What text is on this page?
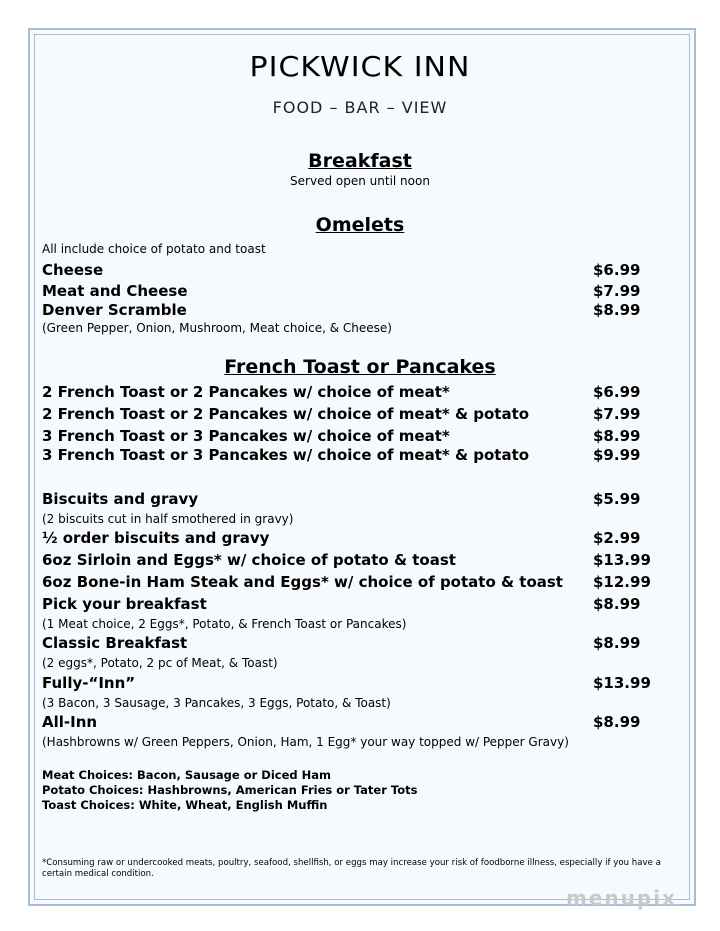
PICKWICK INN
FOOD – BAR – VIEW
Breakfast
Served open until noon
Omelets
All include choice of potato and toast
Cheese	$6.99
Meat and Cheese	$7.99
Denver Scramble	$8.99
(Green Pepper, Onion, Mushroom, Meat choice, & Cheese)
French Toast or Pancakes
2 French Toast or 2 Pancakes w/ choice of meat*	$6.99
2 French Toast or 2 Pancakes w/ choice of meat* & potato	$7.99
3 French Toast or 3 Pancakes w/ choice of meat*	$8.99
3 French Toast or 3 Pancakes w/ choice of meat* & potato	$9.99
Biscuits and gravy	$5.99
(2 biscuits cut in half smothered in gravy)
½ order biscuits and gravy	$2.99
6oz Sirloin and Eggs* w/ choice of potato & toast	$13.99
6oz Bone-in Ham Steak and Eggs* w/ choice of potato & toast $12.99
Pick your breakfast	$8.99
(1 Meat choice, 2 Eggs*, Potato, & French Toast or Pancakes)
Classic Breakfast	$8.99
(2 eggs*, Potato, 2 pc of Meat, & Toast)
Fully-“Inn”	$13.99
(3 Bacon, 3 Sausage, 3 Pancakes, 3 Eggs, Potato, & Toast)
All-Inn	$8.99
(Hashbrowns w/ Green Peppers, Onion, Ham, 1 Egg* your way topped w/ Pepper Gravy)
Meat Choices: Bacon, Sausage or Diced Ham
Potato Choices: Hashbrowns, American Fries or Tater Tots
Toast Choices: White, Wheat, English Muffin
*Consuming raw or undercooked meats, poultry, seafood, shellfish, or eggs may increase your risk of foodborne illness, especially if you have a certain medical condition.
menupix
